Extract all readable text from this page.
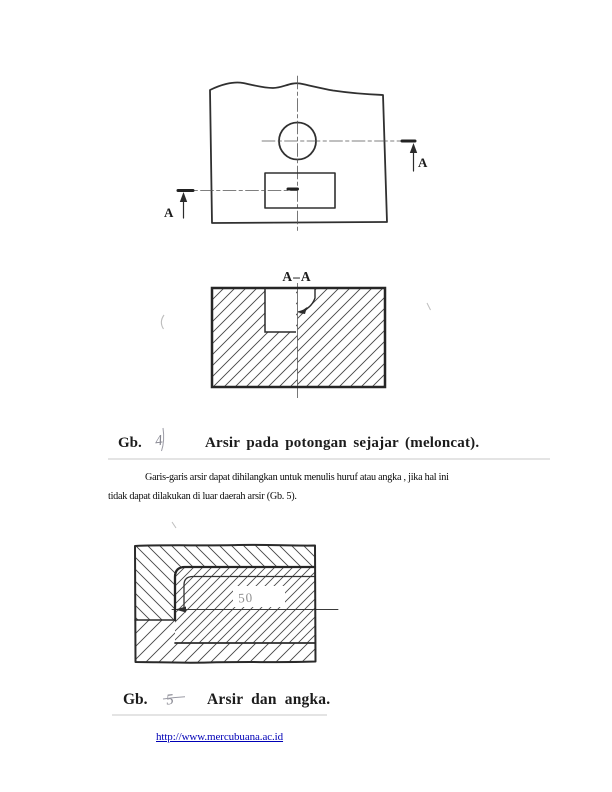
A
A
A–A
Gb. 4	Arsir pada potongan sejajar (meloncat).
Garis-garis arsir dapat dihilangkan untuk menulis huruf atau angka , jika hal ini
tidak dapat dilakukan di luar daerah arsir (Gb. 5).
50
Gb. 5 Arsir dan angka.
http://www.mercubuana.ac.id
